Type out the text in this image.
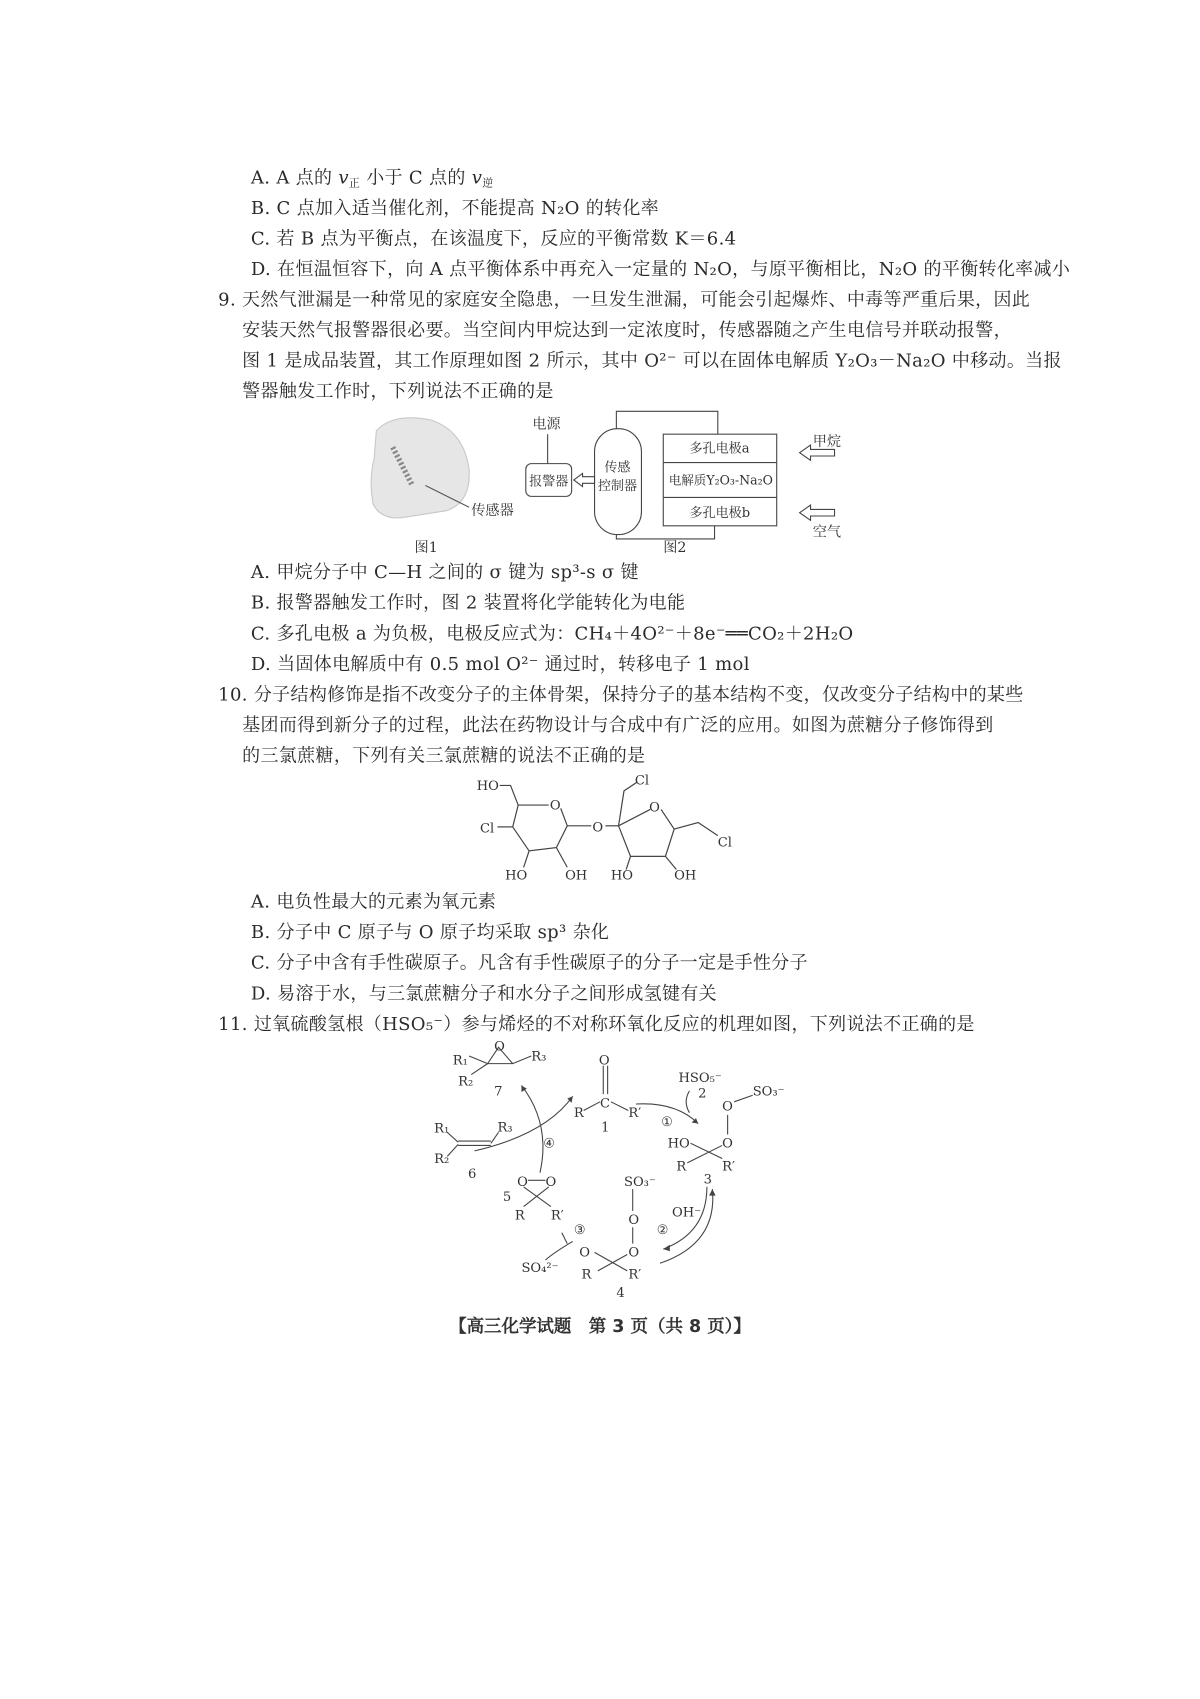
A. A 点的 $v_正$ 小于 C 点的 $v_逆$
B. C 点加入适当催化剂，不能提高 N₂O 的转化率
C. 若 B 点为平衡点，在该温度下，反应的平衡常数 K＝6.4
D. 在恒温恒容下，向 A 点平衡体系中再充入一定量的 N₂O，与原平衡相比，N₂O 的平衡转化率减小
9. 天然气泄漏是一种常见的家庭安全隐患，一旦发生泄漏，可能会引起爆炸、中毒等严重后果，因此
安装天然气报警器很必要。当空间内甲烷达到一定浓度时，传感器随之产生电信号并联动报警，
图 1 是成品装置，其工作原理如图 2 所示，其中 O²⁻ 可以在固体电解质 Y₂O₃－Na₂O 中移动。当报
警器触发工作时，下列说法不正确的是
传感器
图1
电源
报警器
传感
控制器
多孔电极a
电解质Y₂O₃-Na₂O
多孔电极b
甲烷
空气
图2
HO
Cl
O
O
O
Cl
Cl
HO	OH HO	OH
R₁
R₂
R₃
O
7
O
C
R	R′
1
HSO₅⁻
2
①
O
SO₃⁻
O
HO
R	R′
3
OH⁻
②
SO₃⁻
O
O
O
R	R′
4
SO₄²⁻
③
O O
5
R R′
R₁	R₃
R₂
6
④
A. 甲烷分子中 C—H 之间的 σ 键为 sp³-s σ 键
B. 报警器触发工作时，图 2 装置将化学能转化为电能
C. 多孔电极 a 为负极，电极反应式为：CH₄＋4O²⁻＋8e⁻══CO₂＋2H₂O
D. 当固体电解质中有 0.5 mol O²⁻ 通过时，转移电子 1 mol
10. 分子结构修饰是指不改变分子的主体骨架，保持分子的基本结构不变，仅改变分子结构中的某些
基团而得到新分子的过程，此法在药物设计与合成中有广泛的应用。如图为蔗糖分子修饰得到
的三氯蔗糖，下列有关三氯蔗糖的说法不正确的是
A. 电负性最大的元素为氧元素
B. 分子中 C 原子与 O 原子均采取 sp³ 杂化
C. 分子中含有手性碳原子。凡含有手性碳原子的分子一定是手性分子
D. 易溶于水，与三氯蔗糖分子和水分子之间形成氢键有关
11. 过氧硫酸氢根（HSO₅⁻）参与烯烃的不对称环氧化反应的机理如图，下列说法不正确的是
【高三化学试题　第 3 页（共 8 页）】
